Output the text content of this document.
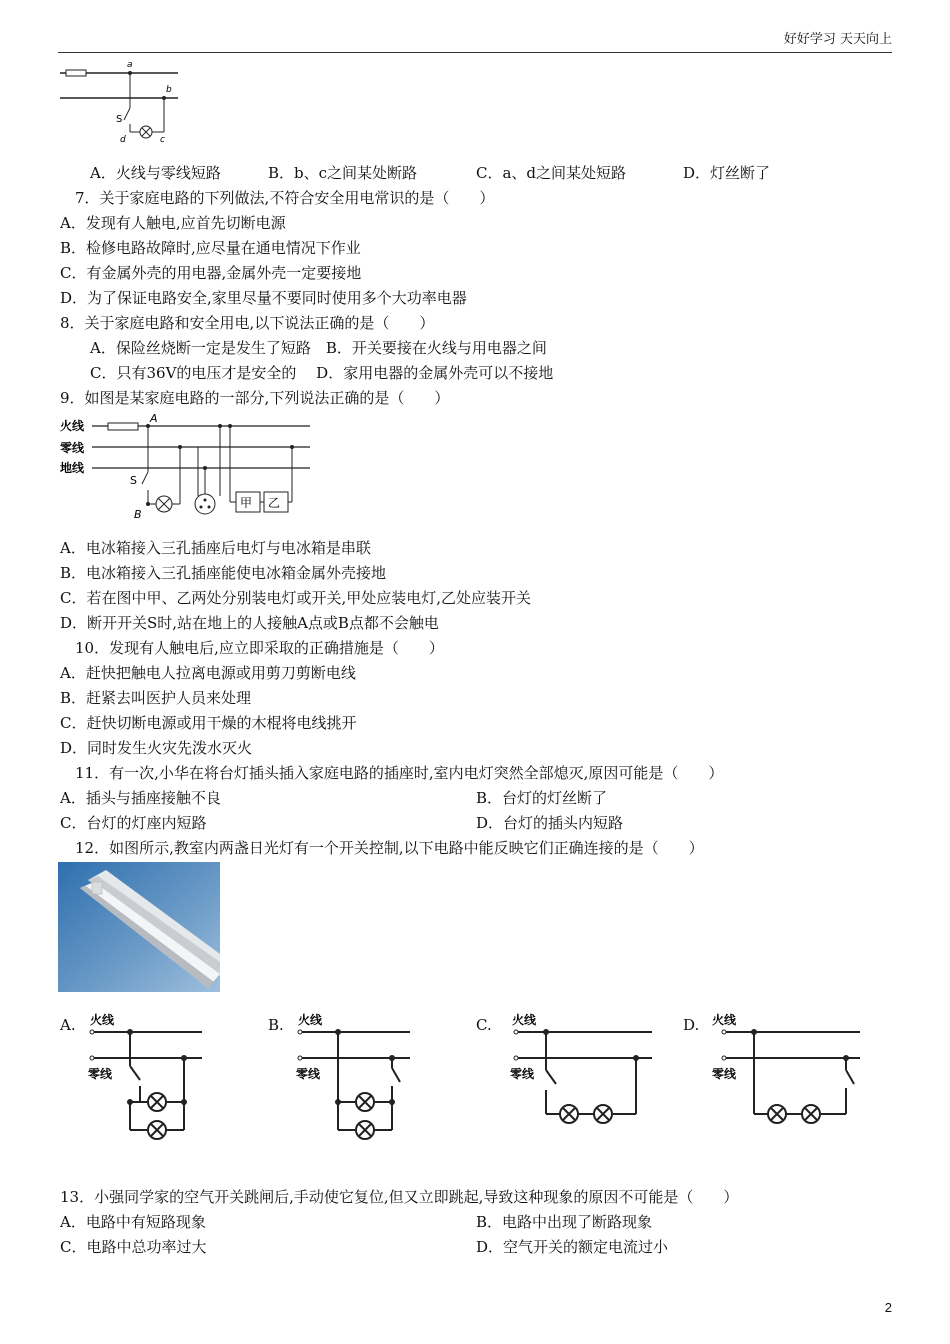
好好学习 天天向上
a
b
S
d	c
A．火线与零线短路	B．b、c之间某处断路	C．a、d之间某处短路	D．灯丝断了
7．关于家庭电路的下列做法,不符合安全用电常识的是（　　）
A．发现有人触电,应首先切断电源
B．检修电路故障时,应尽量在通电情况下作业
C．有金属外壳的用电器,金属外壳一定要接地
D．为了保证电路安全,家里尽量不要同时使用多个大功率电器
8．关于家庭电路和安全用电,以下说法正确的是（　　）
A．保险丝烧断一定是发生了短路　B．开关要接在火线与用电器之间
C．只有36V的电压才是安全的　 D．家用电器的金属外壳可以不接地
9．如图是某家庭电路的一部分,下列说法正确的是（　　）
火线
零线
地线
A
S
B
甲 乙
A．电冰箱接入三孔插座后电灯与电冰箱是串联
B．电冰箱接入三孔插座能使电冰箱金属外壳接地
C．若在图中甲、乙两处分别装电灯或开关,甲处应装电灯,乙处应装开关
D．断开开关S时,站在地上的人接触A点或B点都不会触电
10．发现有人触电后,应立即采取的正确措施是（　　）
A．赶快把触电人拉离电源或用剪刀剪断电线
B．赶紧去叫医护人员来处理
C．赶快切断电源或用干燥的木棍将电线挑开
D．同时发生火灾先泼水灭火
11．有一次,小华在将台灯插头插入家庭电路的插座时,室内电灯突然全部熄灭,原因可能是（　　）
A．插头与插座接触不良	B．台灯的灯丝断了
C．台灯的灯座内短路	D．台灯的插头内短路
12．如图所示,教室内两盏日光灯有一个开关控制,以下电路中能反映它们正确连接的是（　　）
A.	B.	C.	D.
火线
零线
火线
零线
火线
零线
火线
零线
13．小强同学家的空气开关跳闸后,手动使它复位,但又立即跳起,导致这种现象的原因不可能是（　　）
A．电路中有短路现象	B．电路中出现了断路现象
C．电路中总功率过大	D．空气开关的额定电流过小
2
